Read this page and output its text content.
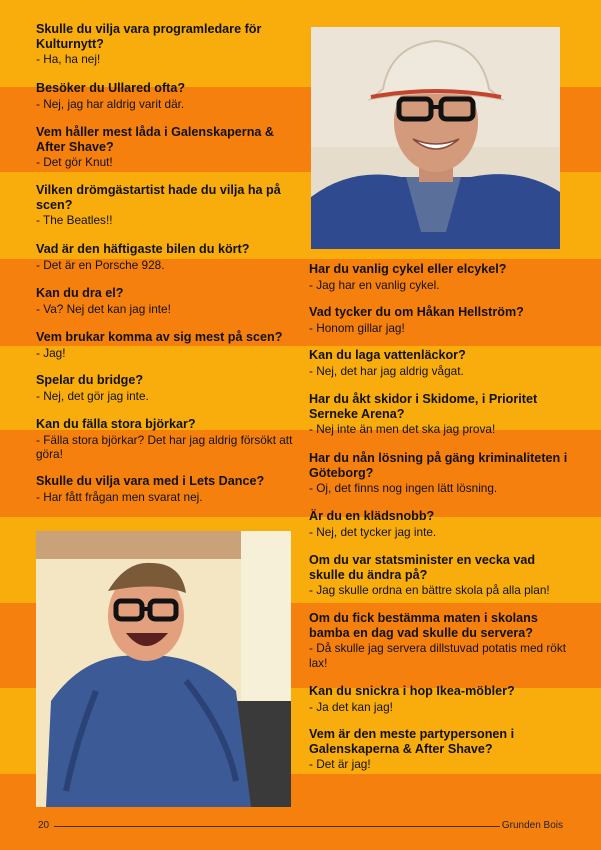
Skulle du vilja vara programledare för Kulturnytt?

- Ha, ha nej!

Besöker du Ullared ofta?

- Nej, jag har aldrig varit där.

Vem håller mest låda i Galenskaperna & After Shave?

- Det gör Knut!

Vilken drömgästartist hade du vilja ha på scen?

- The Beatles!!

Vad är den häftigaste bilen du kört?

- Det är en Porsche 928.

Kan du dra el?

- Va? Nej det kan jag inte!

Vem brukar komma av sig mest på scen?

- Jag!

Spelar du bridge?

- Nej, det gör jag inte.

Kan du fälla stora björkar?

- Fälla stora björkar? Det har jag aldrig försökt att göra!

Skulle du vilja vara med i Lets Dance?

- Har fått frågan men svarat nej.

Har du vanlig cykel eller elcykel?

- Jag har en vanlig cykel.

Vad tycker du om Håkan Hellström?

- Honom gillar jag!

Kan du laga vattenläckor?

- Nej, det har jag aldrig vågat.

Har du åkt skidor i Skidome, i Prioritet Serneke Arena?

- Nej inte än men det ska jag prova!

Har du nån lösning på gäng kriminaliteten i Göteborg?

- Oj, det finns nog ingen lätt lösning.

Är du en klädsnobb?

- Nej, det tycker jag inte.

Om du var statsminister en vecka vad skulle du ändra på?

- Jag skulle ordna en bättre skola på alla plan!

Om du fick bestämma maten i skolans bamba en dag vad skulle du servera?

- Då skulle jag servera dillstuvad potatis med rökt lax!

Kan du snickra i hop Ikea-möbler?

- Ja det kan jag!

Vem är den meste partypersonen i Galenskaperna & After Shave?

- Det är jag!

20	Grunden Bois
